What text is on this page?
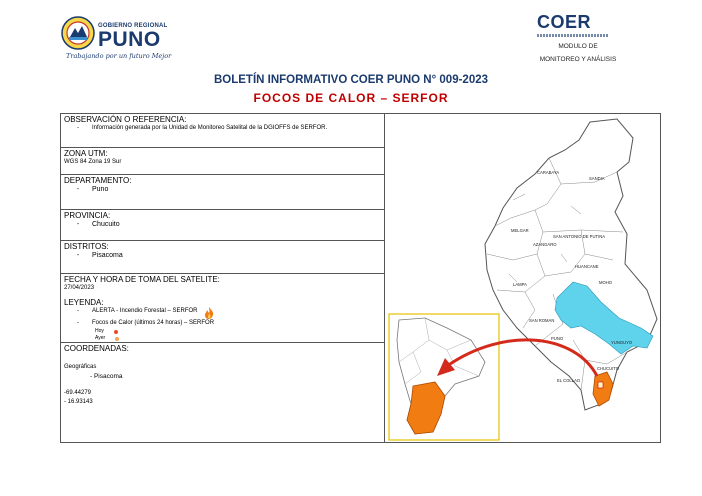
GOBIERNO REGIONAL
PUNO
Trabajando por un futuro Mejor
COER
MODULO DE
MONITOREO Y ANÁLISIS
BOLETÍN INFORMATIVO COER PUNO N° 009-2023
FOCOS DE CALOR – SERFOR
OBSERVACIÓN O REFERENCIA:
-	Información generada por la Unidad de Monitoreo Satelital de la DGIOFFS de SERFOR.
ZONA UTM:
WGS 84 Zona 19 Sur
DEPARTAMENTO:
-	Puno
PROVINCIA:
-	Chucuito
DISTRITOS:
-	Pisacoma
FECHA Y HORA DE TOMA DEL SATELITE:
27/04/2023
LEYENDA:
-	ALERTA - Incendio Forestal – SERFOR
-	Focos de Calor (últimos 24 horas) – SERFOR
Hoy
Ayer
COORDENADAS:
Geográficas
- Pisacoma
-69.44279
- 16.93143
CARABAYA
SANDIA
MELGAR
AZANGARO
SAN ANTONIO DE PUTINA
HUANCANE
MOHO
LAMPA
SAN ROMAN
PUNO
YUNGUYO
EL COLLAO
CHUCUITO
